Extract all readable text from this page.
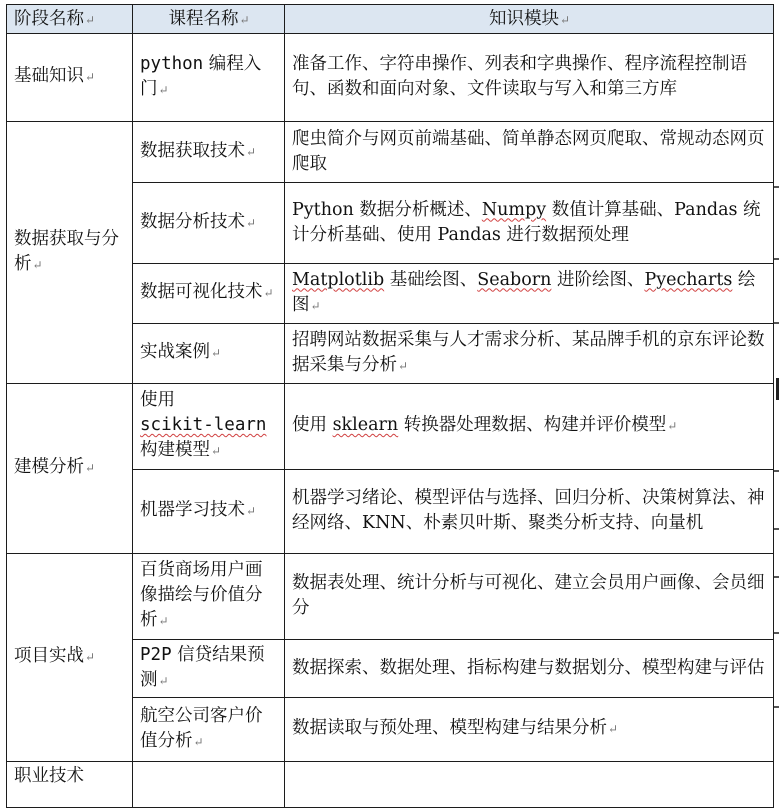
阶段名称↵	课程名称↵	知识模块↵
基础知识↵	python 编程入门↵	准备工作、字符串操作、列表和字典操作、程序流程控制语句、函数和面向对象、文件读取与写入和第三方库
数据获取与分析↵	数据获取技术↵	爬虫简介与网页前端基础、简单静态网页爬取、常规动态网页爬取
	数据分析技术↵	Python 数据分析概述、Numpy 数值计算基础、Pandas 统计分析基础、使用 Pandas 进行数据预处理
	数据可视化技术↵	Matplotlib 基础绘图、Seaborn 进阶绘图、Pyecharts 绘图↵
	实战案例↵	招聘网站数据采集与人才需求分析、某品牌手机的京东评论数据采集与分析↵
建模分析↵	使用
scikit-learn
构建模型↵	使用 sklearn 转换器处理数据、构建并评价模型↵
	机器学习技术↵	机器学习绪论、模型评估与选择、回归分析、决策树算法、神经网络、KNN、朴素贝叶斯、聚类分析支持、向量机
项目实战↵	百货商场用户画像描绘与价值分析↵	数据表处理、统计分析与可视化、建立会员用户画像、会员细分
	P2P 信贷结果预测↵	数据探索、数据处理、指标构建与数据划分、模型构建与评估
	航空公司客户价值分析↵	数据读取与预处理、模型构建与结果分析↵
职业技术		
